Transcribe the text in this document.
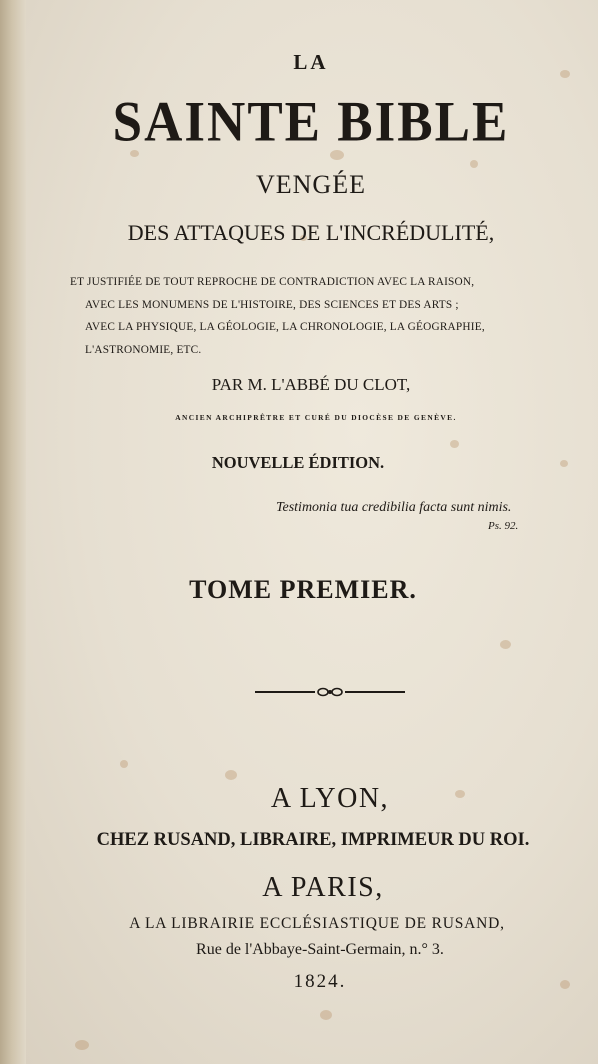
LA
SAINTE BIBLE
VENGÉE
DES ATTAQUES DE L'INCRÉDULITÉ,
ET JUSTIFIÉE DE TOUT REPROCHE DE CONTRADICTION AVEC LA RAISON,
AVEC LES MONUMENS DE L'HISTOIRE, DES SCIENCES ET DES ARTS ;
AVEC LA PHYSIQUE, LA GÉOLOGIE, LA CHRONOLOGIE, LA GÉOGRAPHIE,
L'ASTRONOMIE, ETC.
PAR M. L'ABBÉ DU CLOT,
ANCIEN ARCHIPRÊTRE ET CURÉ DU DIOCÈSE DE GENÈVE.
NOUVELLE ÉDITION.
Testimonia tua credibilia facta sunt nimis.
Ps. 92.
TOME PREMIER.
A LYON,
CHEZ RUSAND, LIBRAIRE, IMPRIMEUR DU ROI.
A PARIS,
A LA LIBRAIRIE ECCLÉSIASTIQUE DE RUSAND,
Rue de l'Abbaye-Saint-Germain, n.° 3.
1824.
